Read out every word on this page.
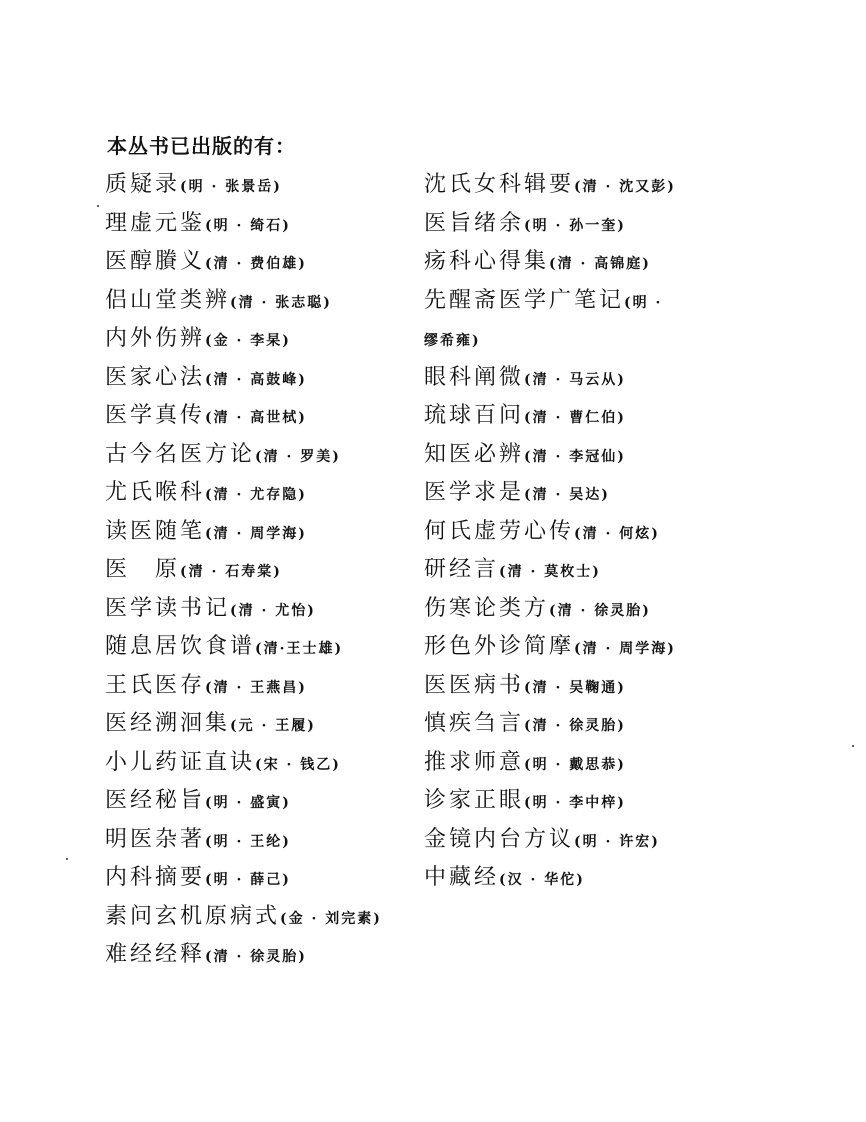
本丛书已出版的有：
质疑录(明 · 张景岳)
理虚元鉴(明 · 绮石)
医醇賸义(清 · 费伯雄)
侣山堂类辨(清 · 张志聪)
内外伤辨(金 · 李杲)
医家心法(清 · 高鼓峰)
医学真传(清 · 高世栻)
古今名医方论(清 · 罗美)
尤氏喉科(清 · 尤存隐)
读医随笔(清 · 周学海)
医　原(清 · 石寿棠)
医学读书记(清 · 尤怡)
随息居饮食谱(清·王士雄)
王氏医存(清 · 王燕昌)
医经溯洄集(元 · 王履)
小儿药证直诀(宋 · 钱乙)
医经秘旨(明 · 盛寅)
明医杂著(明 · 王纶)
内科摘要(明 · 薛己)
素问玄机原病式(金 · 刘完素)
难经经释(清 · 徐灵胎)
沈氏女科辑要(清 · 沈又彭)
医旨绪余(明 · 孙一奎)
疡科心得集(清 · 高锦庭)
先醒斋医学广笔记(明 ·
缪希雍)
眼科阐微(清 · 马云从)
琉球百问(清 · 曹仁伯)
知医必辨(清 · 李冠仙)
医学求是(清 · 吴达)
何氏虚劳心传(清 · 何炫)
研经言(清 · 莫枚士)
伤寒论类方(清 · 徐灵胎)
形色外诊简摩(清 · 周学海)
医医病书(清 · 吴鞠通)
慎疾刍言(清 · 徐灵胎)
推求师意(明 · 戴思恭)
诊家正眼(明 · 李中梓)
金镜内台方议(明 · 许宏)
中藏经(汉 · 华佗)
